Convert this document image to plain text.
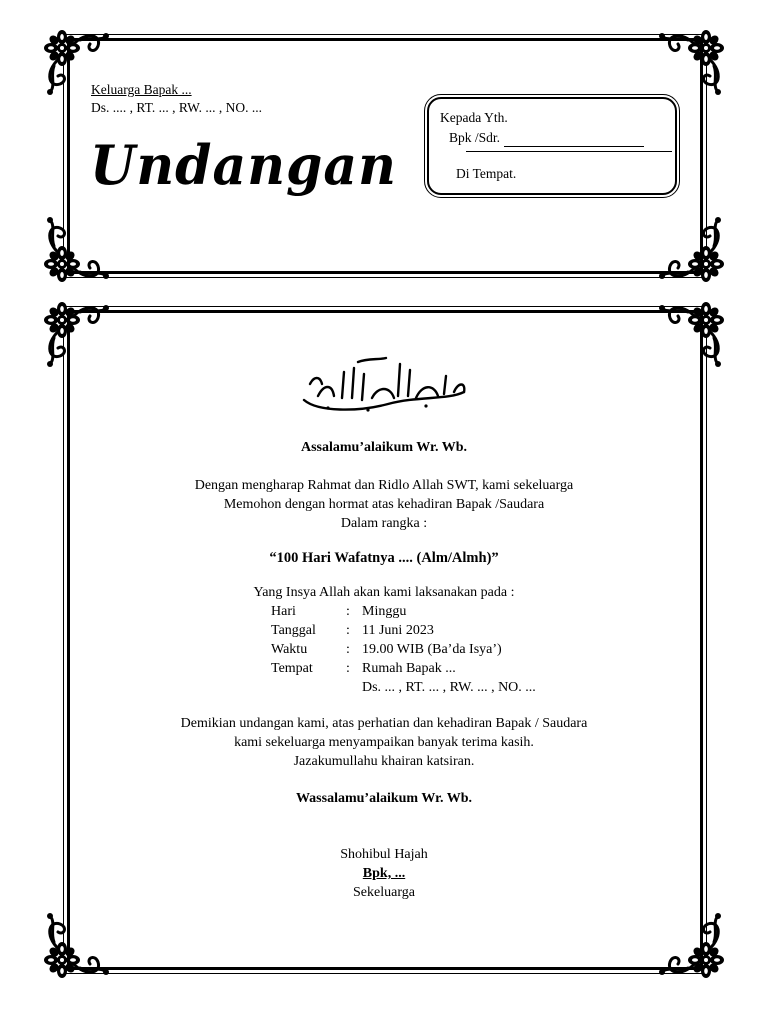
Keluarga Bapak ...
Ds. .... , RT. ... , RW. ... , NO. ...
Undangan
Kepada Yth.
Bpk /Sdr.
Di Tempat.
Assalamu’alaikum Wr. Wb.
Dengan mengharap Rahmat dan Ridlo Allah SWT, kami sekeluarga
Memohon dengan hormat atas kehadiran Bapak /Saudara
Dalam rangka :
“100 Hari Wafatnya .... (Alm/Almh)”
Yang Insya Allah akan kami laksanakan pada :
Hari	: Minggu
Tanggal : 11 Juni 2023
Waktu	: 19.00 WIB (Ba’da Isya’)
Tempat : Rumah Bapak ...
Ds. ... , RT. ... , RW. ... , NO. ...
Demikian undangan kami, atas perhatian dan kehadiran Bapak / Saudara
kami sekeluarga menyampaikan banyak terima kasih.
Jazakumullahu khairan katsiran.
Wassalamu’alaikum Wr. Wb.
Shohibul Hajah
Bpk, ...
Sekeluarga
